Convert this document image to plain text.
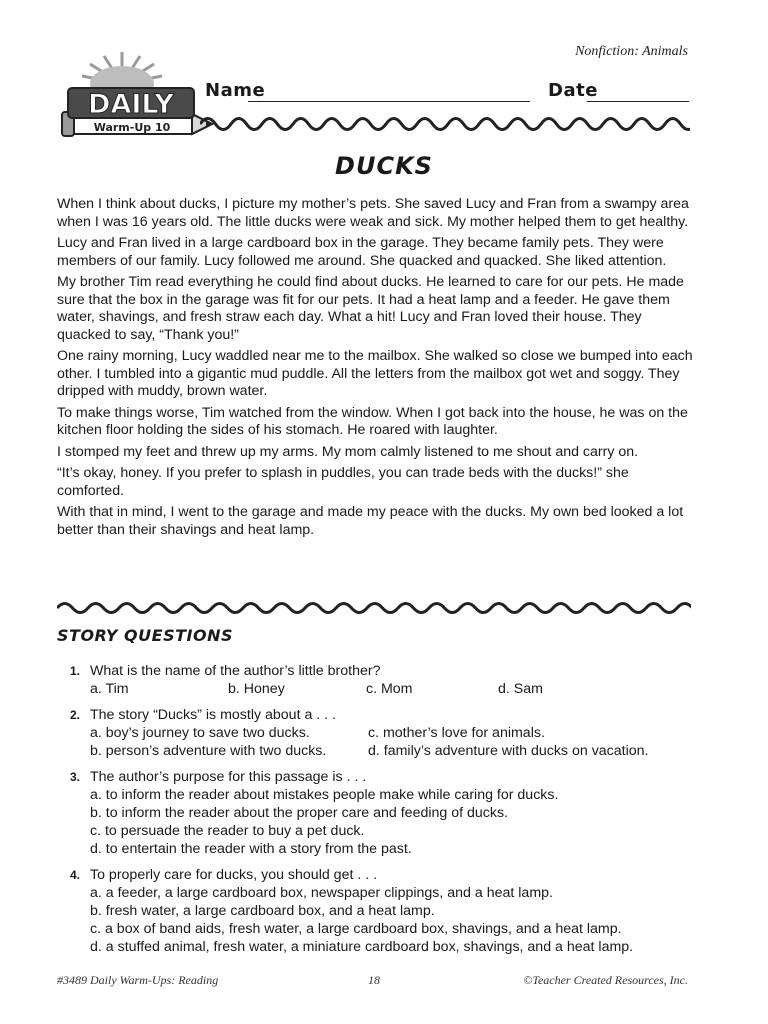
Nonfiction: Animals
DAILY
Warm-Up 10
Name	Date
DUCKS

When I think about ducks, I picture my mother’s pets. She saved Lucy and Fran from a swampy area when I was 16 years old. The little ducks were weak and sick. My mother helped them to get healthy.

Lucy and Fran lived in a large cardboard box in the garage. They became family pets. They were members of our family. Lucy followed me around. She quacked and quacked. She liked attention.

My brother Tim read everything he could find about ducks. He learned to care for our pets. He made sure that the box in the garage was fit for our pets. It had a heat lamp and a feeder. He gave them water, shavings, and fresh straw each day. What a hit! Lucy and Fran loved their house. They quacked to say, “Thank you!”

One rainy morning, Lucy waddled near me to the mailbox. She walked so close we bumped into each other. I tumbled into a gigantic mud puddle. All the letters from the mailbox got wet and soggy. They dripped with muddy, brown water.

To make things worse, Tim watched from the window. When I got back into the house, he was on the kitchen floor holding the sides of his stomach. He roared with laughter.

I stomped my feet and threw up my arms. My mom calmly listened to me shout and carry on.

“It’s okay, honey. If you prefer to splash in puddles, you can trade beds with the ducks!” she comforted.

With that in mind, I went to the garage and made my peace with the ducks. My own bed looked a lot better than their shavings and heat lamp.

STORY QUESTIONS
1. What is the name of the author’s little brother?
a. Tim	b. Honey	c. Mom	d. Sam
2. The story “Ducks” is mostly about a . . .
a. boy’s journey to save two ducks.	c. mother’s love for animals.
b. person’s adventure with two ducks.	d. family’s adventure with ducks on vacation.
3. The author’s purpose for this passage is . . .
a. to inform the reader about mistakes people make while caring for ducks.
b. to inform the reader about the proper care and feeding of ducks.
c. to persuade the reader to buy a pet duck.
d. to entertain the reader with a story from the past.
4. To properly care for ducks, you should get . . .
a. a feeder, a large cardboard box, newspaper clippings, and a heat lamp.
b. fresh water, a large cardboard box, and a heat lamp.
c. a box of band aids, fresh water, a large cardboard box, shavings, and a heat lamp.
d. a stuffed animal, fresh water, a miniature cardboard box, shavings, and a heat lamp.
#3489 Daily Warm-Ups: Reading	18	©Teacher Created Resources, Inc.
